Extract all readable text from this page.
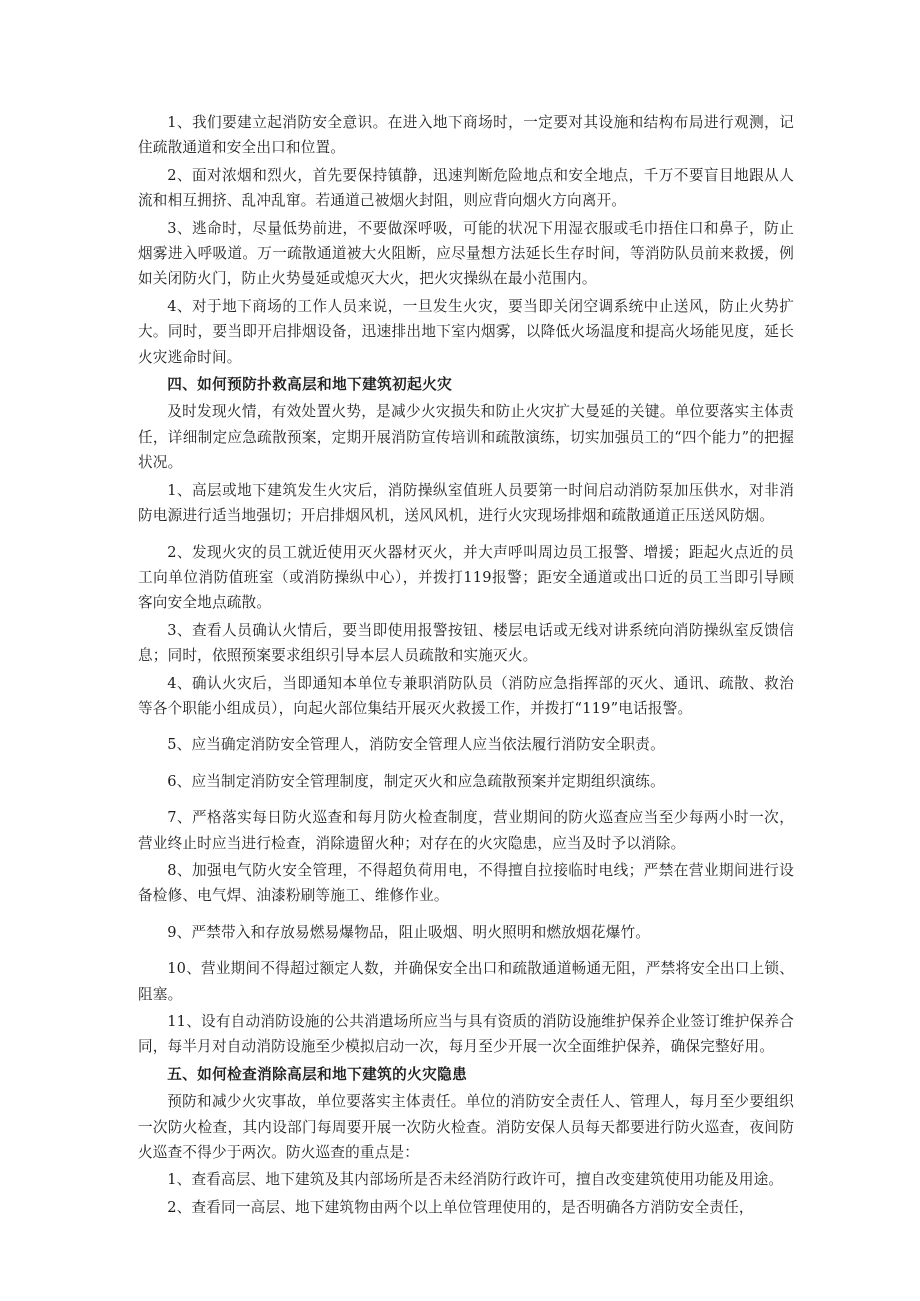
1、我们要建立起消防安全意识。在进入地下商场时，一定要对其设施和结构布局进行观测，记住疏散通道和安全出口和位置。

2、面对浓烟和烈火，首先要保持镇静，迅速判断危险地点和安全地点，千万不要盲目地跟从人流和相互拥挤、乱冲乱窜。若通道己被烟火封阻，则应背向烟火方向离开。

3、逃命时，尽量低势前进，不要做深呼吸，可能的状况下用湿衣服或毛巾捂住口和鼻子，防止烟雾进入呼吸道。万一疏散通道被大火阻断，应尽量想方法延长生存时间，等消防队员前来救援，例如关闭防火门，防止火势曼延或熄灭大火，把火灾操纵在最小范围内。

4、对于地下商场的工作人员来说，一旦发生火灾，要当即关闭空调系统中止送风，防止火势扩大。同时，要当即开启排烟设备，迅速排出地下室内烟雾，以降低火场温度和提高火场能见度，延长火灾逃命时间。

四、如何预防扑救高层和地下建筑初起火灾

及时发现火情，有效处置火势，是减少火灾损失和防止火灾扩大曼延的关键。单位要落实主体责任，详细制定应急疏散预案，定期开展消防宣传培训和疏散演练，切实加强员工的“四个能力”的把握状况。

1、高层或地下建筑发生火灾后，消防操纵室值班人员要第一时间启动消防泵加压供水，对非消防电源进行适当地强切；开启排烟风机，送风风机，进行火灾现场排烟和疏散通道正压送风防烟。

2、发现火灾的员工就近使用灭火器材灭火，并大声呼叫周边员工报警、增援；距起火点近的员工向单位消防值班室（或消防操纵中心），并拨打119报警；距安全通道或出口近的员工当即引导顾客向安全地点疏散。

3、查看人员确认火情后，要当即使用报警按钮、楼层电话或无线对讲系统向消防操纵室反馈信息；同时，依照预案要求组织引导本层人员疏散和实施灭火。

4、确认火灾后，当即通知本单位专兼职消防队员（消防应急指挥部的灭火、通讯、疏散、救治等各个职能小组成员），向起火部位集结开展灭火救援工作，并拨打“119”电话报警。

5、应当确定消防安全管理人，消防安全管理人应当依法履行消防安全职责。

6、应当制定消防安全管理制度，制定灭火和应急疏散预案并定期组织演练。

7、严格落实每日防火巡查和每月防火检查制度，营业期间的防火巡查应当至少每两小时一次，营业终止时应当进行检查，消除遗留火种；对存在的火灾隐患，应当及时予以消除。

8、加强电气防火安全管理，不得超负荷用电，不得擅自拉接临时电线；严禁在营业期间进行设备检修、电气焊、油漆粉刷等施工、维修作业。

9、严禁带入和存放易燃易爆物品，阻止吸烟、明火照明和燃放烟花爆竹。

10、营业期间不得超过额定人数，并确保安全出口和疏散通道畅通无阻，严禁将安全出口上锁、阻塞。

11、设有自动消防设施的公共消遣场所应当与具有资质的消防设施维护保养企业签订维护保养合同，每半月对自动消防设施至少模拟启动一次，每月至少开展一次全面维护保养，确保完整好用。

五、如何检查消除高层和地下建筑的火灾隐患

预防和减少火灾事故，单位要落实主体责任。单位的消防安全责任人、管理人，每月至少要组织一次防火检查，其内设部门每周要开展一次防火检查。消防安保人员每天都要进行防火巡查，夜间防火巡查不得少于两次。防火巡查的重点是：

1、查看高层、地下建筑及其内部场所是否未经消防行政许可，擅自改变建筑使用功能及用途。

2、查看同一高层、地下建筑物由两个以上单位管理使用的，是否明确各方消防安全责任，
